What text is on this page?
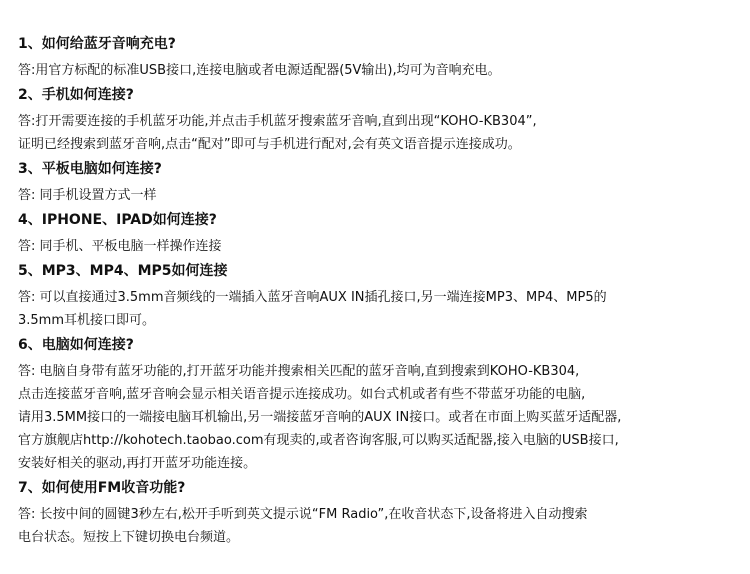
1、如何给蓝牙音响充电?
答:用官方标配的标准USB接口,连接电脑或者电源适配器(5V输出),均可为音响充电。
2、手机如何连接?
答:打开需要连接的手机蓝牙功能,并点击手机蓝牙搜索蓝牙音响,直到出现“KOHO-KB304”,
证明已经搜索到蓝牙音响,点击“配对”即可与手机进行配对,会有英文语音提示连接成功。
3、平板电脑如何连接?
答: 同手机设置方式一样
4、IPHONE、IPAD如何连接?
答: 同手机、平板电脑一样操作连接
5、MP3、MP4、MP5如何连接
答: 可以直接通过3.5mm音频线的一端插入蓝牙音响AUX IN插孔接口,另一端连接MP3、MP4、MP5的
3.5mm耳机接口即可。
6、电脑如何连接?
答: 电脑自身带有蓝牙功能的,打开蓝牙功能并搜索相关匹配的蓝牙音响,直到搜索到KOHO-KB304,
点击连接蓝牙音响,蓝牙音响会显示相关语音提示连接成功。如台式机或者有些不带蓝牙功能的电脑,
请用3.5MM接口的一端接电脑耳机输出,另一端接蓝牙音响的AUX IN接口。或者在市面上购买蓝牙适配器,
官方旗舰店http://kohotech.taobao.com有现卖的,或者咨询客服,可以购买适配器,接入电脑的USB接口,
安装好相关的驱动,再打开蓝牙功能连接。
7、如何使用FM收音功能?
答: 长按中间的圆键3秒左右,松开手听到英文提示说“FM Radio”,在收音状态下,设备将进入自动搜索
电台状态。短按上下键切换电台频道。
